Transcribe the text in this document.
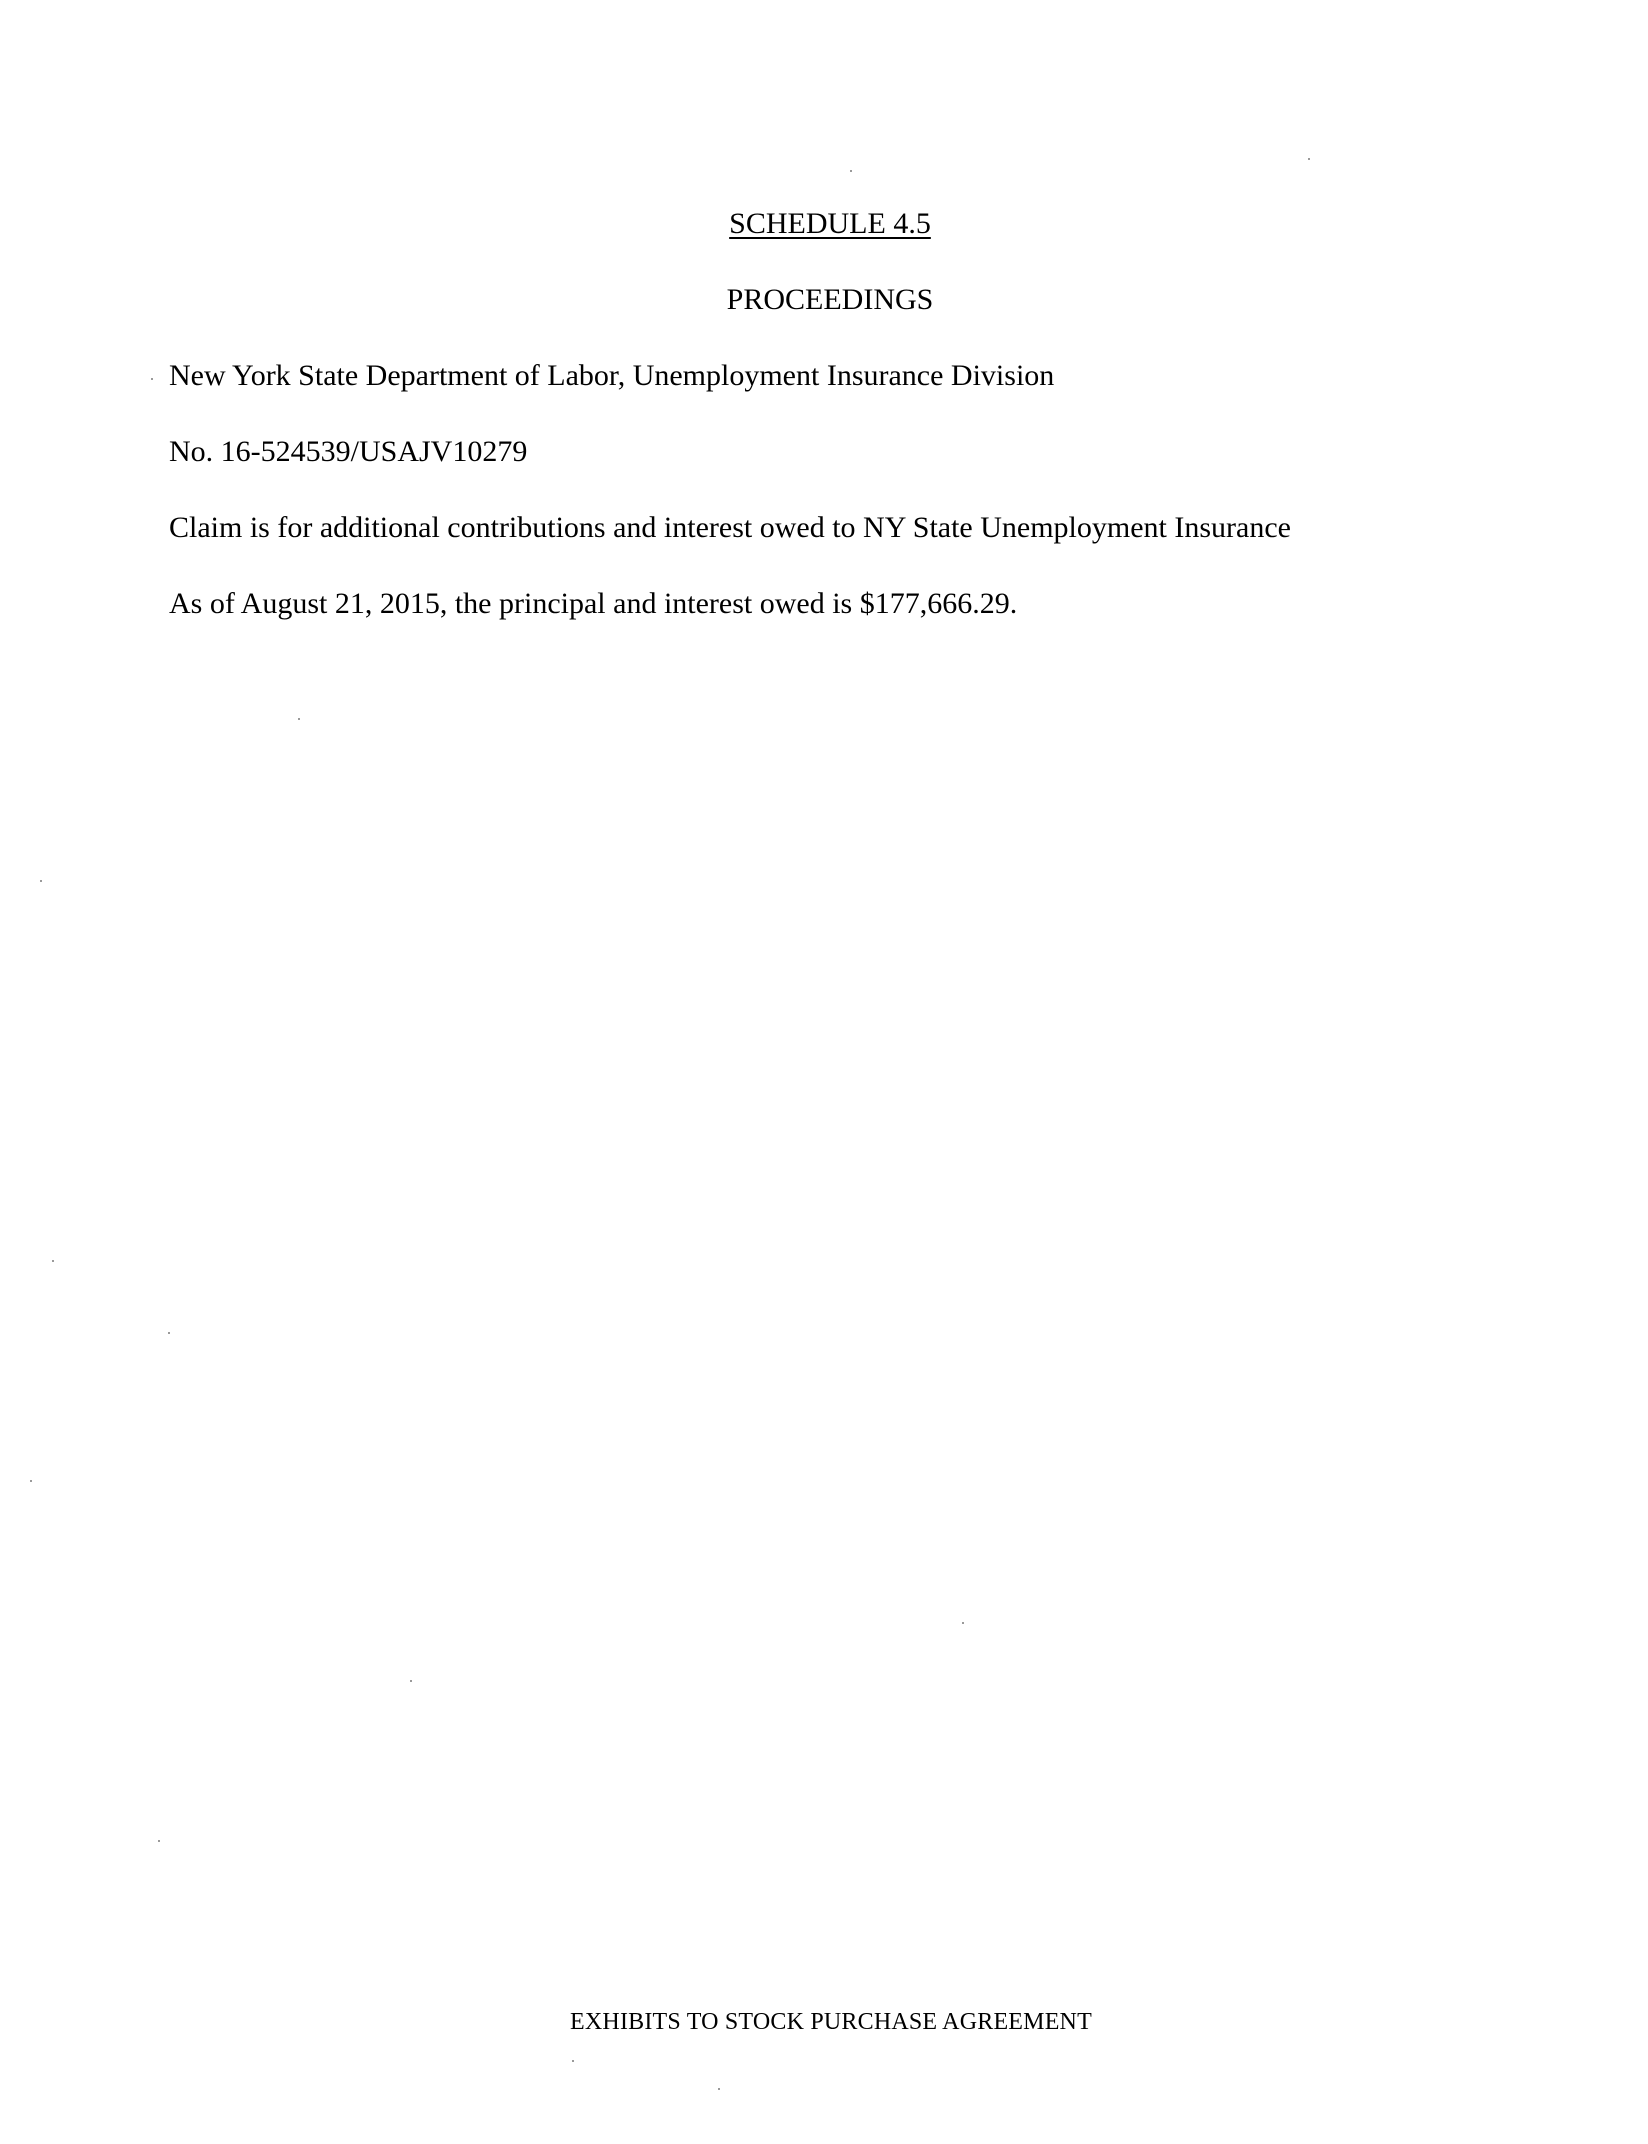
SCHEDULE 4.5
PROCEEDINGS

New York State Department of Labor, Unemployment Insurance Division

No. 16-524539/USAJV10279

Claim is for additional contributions and interest owed to NY State Unemployment Insurance

As of August 21, 2015, the principal and interest owed is $177,666.29.

EXHIBITS TO STOCK PURCHASE AGREEMENT
